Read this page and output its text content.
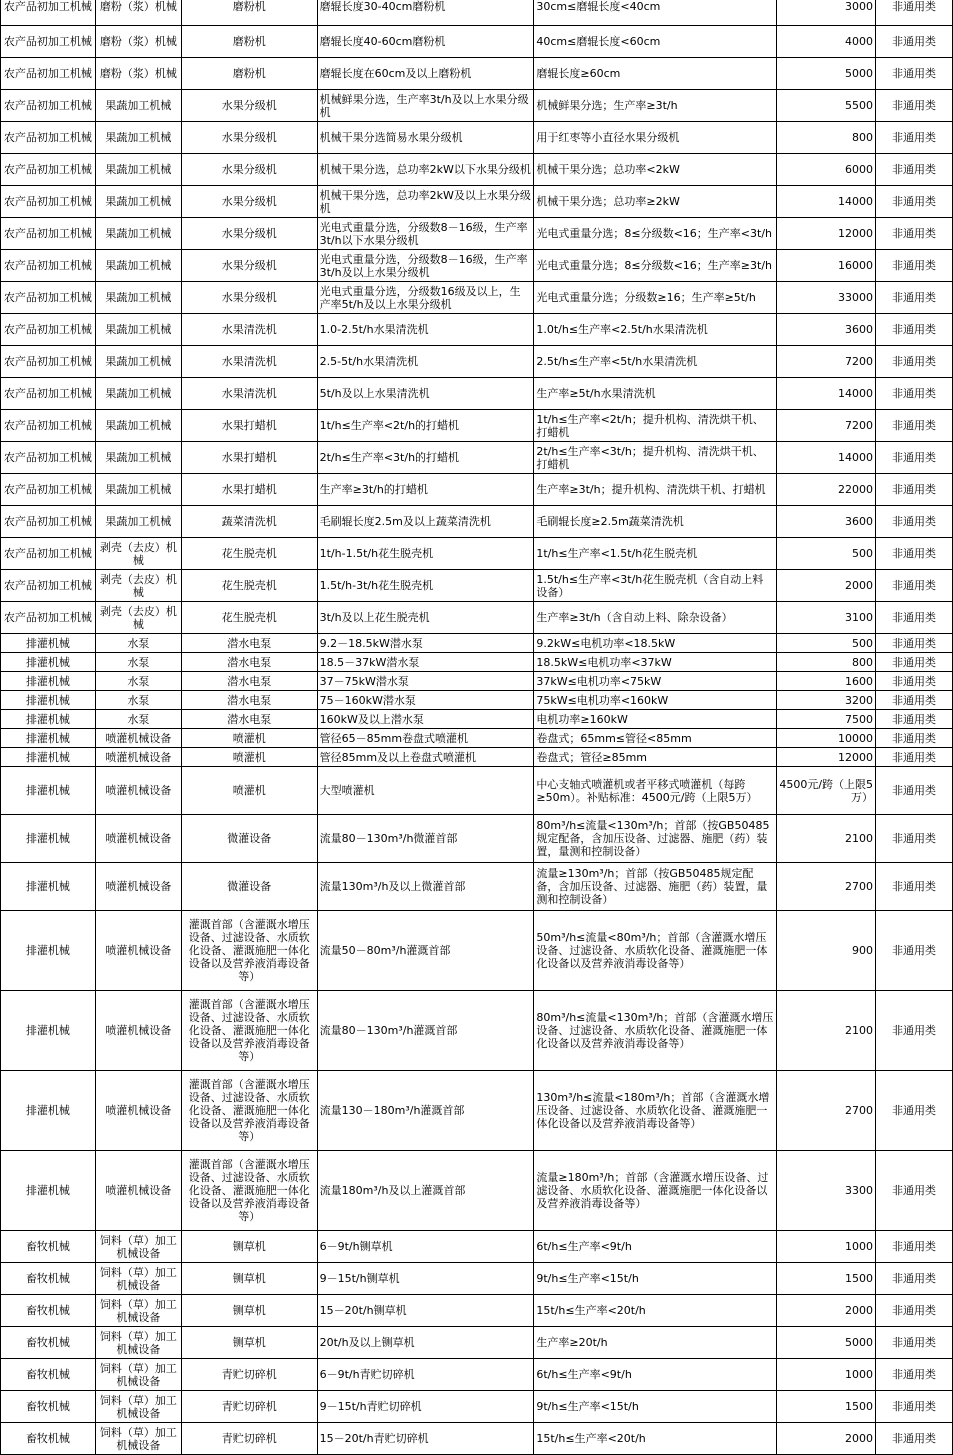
农产品初加工机械	磨粉（浆）机械	磨粉机	磨辊长度30-40cm磨粉机	30cm≤磨辊长度<40cm	3000	非通用类
农产品初加工机械	磨粉（浆）机械	磨粉机	磨辊长度40-60cm磨粉机	40cm≤磨辊长度<60cm	4000	非通用类
农产品初加工机械	磨粉（浆）机械	磨粉机	磨辊长度在60cm及以上磨粉机	磨辊长度≥60cm	5000	非通用类
农产品初加工机械	果蔬加工机械	水果分级机	机械鲜果分选，生产率3t/h及以上水果分级机	机械鲜果分选；生产率≥3t/h	5500	非通用类
农产品初加工机械	果蔬加工机械	水果分级机	机械干果分选简易水果分级机	用于红枣等小直径水果分级机	800	非通用类
农产品初加工机械	果蔬加工机械	水果分级机	机械干果分选，总功率2kW以下水果分级机	机械干果分选；总功率<2kW	6000	非通用类
农产品初加工机械	果蔬加工机械	水果分级机	机械干果分选，总功率2kW及以上水果分级机	机械干果分选；总功率≥2kW	14000	非通用类
农产品初加工机械	果蔬加工机械	水果分级机	光电式重量分选，分级数8－16级，生产率3t/h以下水果分级机	光电式重量分选；8≤分级数<16；生产率<3t/h	12000	非通用类
农产品初加工机械	果蔬加工机械	水果分级机	光电式重量分选，分级数8－16级，生产率3t/h及以上水果分级机	光电式重量分选；8≤分级数<16；生产率≥3t/h	16000	非通用类
农产品初加工机械	果蔬加工机械	水果分级机	光电式重量分选，分级数16级及以上，生产率5t/h及以上水果分级机	光电式重量分选；分级数≥16；生产率≥5t/h	33000	非通用类
农产品初加工机械	果蔬加工机械	水果清洗机	1.0-2.5t/h水果清洗机	1.0t/h≤生产率<2.5t/h水果清洗机	3600	非通用类
农产品初加工机械	果蔬加工机械	水果清洗机	2.5-5t/h水果清洗机	2.5t/h≤生产率<5t/h水果清洗机	7200	非通用类
农产品初加工机械	果蔬加工机械	水果清洗机	5t/h及以上水果清洗机	生产率≥5t/h水果清洗机	14000	非通用类
农产品初加工机械	果蔬加工机械	水果打蜡机	1t/h≤生产率<2t/h的打蜡机	1t/h≤生产率<2t/h；提升机构、清洗烘干机、打蜡机	7200	非通用类
农产品初加工机械	果蔬加工机械	水果打蜡机	2t/h≤生产率<3t/h的打蜡机	2t/h≤生产率<3t/h；提升机构、清洗烘干机、打蜡机	14000	非通用类
农产品初加工机械	果蔬加工机械	水果打蜡机	生产率≥3t/h的打蜡机	生产率≥3t/h；提升机构、清洗烘干机、打蜡机	22000	非通用类
农产品初加工机械	果蔬加工机械	蔬菜清洗机	毛刷辊长度2.5m及以上蔬菜清洗机	毛刷辊长度≥2.5m蔬菜清洗机	3600	非通用类
农产品初加工机械	剥壳（去皮）机械	花生脱壳机	1t/h-1.5t/h花生脱壳机	1t/h≤生产率<1.5t/h花生脱壳机	500	非通用类
农产品初加工机械	剥壳（去皮）机械	花生脱壳机	1.5t/h-3t/h花生脱壳机	1.5t/h≤生产率<3t/h花生脱壳机（含自动上料设备）	2000	非通用类
农产品初加工机械	剥壳（去皮）机械	花生脱壳机	3t/h及以上花生脱壳机	生产率≥3t/h（含自动上料、除杂设备）	3100	非通用类
排灌机械	水泵	潜水电泵	9.2－18.5kW潜水泵	9.2kW≤电机功率<18.5kW	500	非通用类
排灌机械	水泵	潜水电泵	18.5－37kW潜水泵	18.5kW≤电机功率<37kW	800	非通用类
排灌机械	水泵	潜水电泵	37－75kW潜水泵	37kW≤电机功率<75kW	1600	非通用类
排灌机械	水泵	潜水电泵	75－160kW潜水泵	75kW≤电机功率<160kW	3200	非通用类
排灌机械	水泵	潜水电泵	160kW及以上潜水泵	电机功率≥160kW	7500	非通用类
排灌机械	喷灌机械设备	喷灌机	管径65－85mm卷盘式喷灌机	卷盘式；65mm≤管径<85mm	10000	非通用类
排灌机械	喷灌机械设备	喷灌机	管径85mm及以上卷盘式喷灌机	卷盘式；管径≥85mm	12000	非通用类
排灌机械	喷灌机械设备	喷灌机	大型喷灌机	中心支轴式喷灌机或者平移式喷灌机（每跨≥50m）。补贴标准：4500元/跨（上限5万）	4500元/跨（上限5万）	非通用类
排灌机械	喷灌机械设备	微灌设备	流量80－130m³/h微灌首部	80m³/h≤流量<130m³/h；首部（按GB50485规定配备，含加压设备、过滤器、施肥（药）装置，量测和控制设备）	2100	非通用类
排灌机械	喷灌机械设备	微灌设备	流量130m³/h及以上微灌首部	流量≥130m³/h；首部（按GB50485规定配备，含加压设备、过滤器、施肥（药）装置，量测和控制设备）	2700	非通用类
排灌机械	喷灌机械设备	灌溉首部（含灌溉水增压设备、过滤设备、水质软化设备、灌溉施肥一体化设备以及营养液消毒设备等）	流量50－80m³/h灌溉首部	50m³/h≤流量<80m³/h；首部（含灌溉水增压设备、过滤设备、水质软化设备、灌溉施肥一体化设备以及营养液消毒设备等）	900	非通用类
排灌机械	喷灌机械设备	灌溉首部（含灌溉水增压设备、过滤设备、水质软化设备、灌溉施肥一体化设备以及营养液消毒设备等）	流量80－130m³/h灌溉首部	80m³/h≤流量<130m³/h；首部（含灌溉水增压设备、过滤设备、水质软化设备、灌溉施肥一体化设备以及营养液消毒设备等）	2100	非通用类
排灌机械	喷灌机械设备	灌溉首部（含灌溉水增压设备、过滤设备、水质软化设备、灌溉施肥一体化设备以及营养液消毒设备等）	流量130－180m³/h灌溉首部	130m³/h≤流量<180m³/h；首部（含灌溉水增压设备、过滤设备、水质软化设备、灌溉施肥一体化设备以及营养液消毒设备等）	2700	非通用类
排灌机械	喷灌机械设备	灌溉首部（含灌溉水增压设备、过滤设备、水质软化设备、灌溉施肥一体化设备以及营养液消毒设备等）	流量180m³/h及以上灌溉首部	流量≥180m³/h；首部（含灌溉水增压设备、过滤设备、水质软化设备、灌溉施肥一体化设备以及营养液消毒设备等）	3300	非通用类
畜牧机械	饲料（草）加工机械设备	铡草机	6－9t/h铡草机	6t/h≤生产率<9t/h	1000	非通用类
畜牧机械	饲料（草）加工机械设备	铡草机	9－15t/h铡草机	9t/h≤生产率<15t/h	1500	非通用类
畜牧机械	饲料（草）加工机械设备	铡草机	15－20t/h铡草机	15t/h≤生产率<20t/h	2000	非通用类
畜牧机械	饲料（草）加工机械设备	铡草机	20t/h及以上铡草机	生产率≥20t/h	5000	非通用类
畜牧机械	饲料（草）加工机械设备	青贮切碎机	6－9t/h青贮切碎机	6t/h≤生产率<9t/h	1000	非通用类
畜牧机械	饲料（草）加工机械设备	青贮切碎机	9－15t/h青贮切碎机	9t/h≤生产率<15t/h	1500	非通用类
畜牧机械	饲料（草）加工机械设备	青贮切碎机	15－20t/h青贮切碎机	15t/h≤生产率<20t/h	2000	非通用类
